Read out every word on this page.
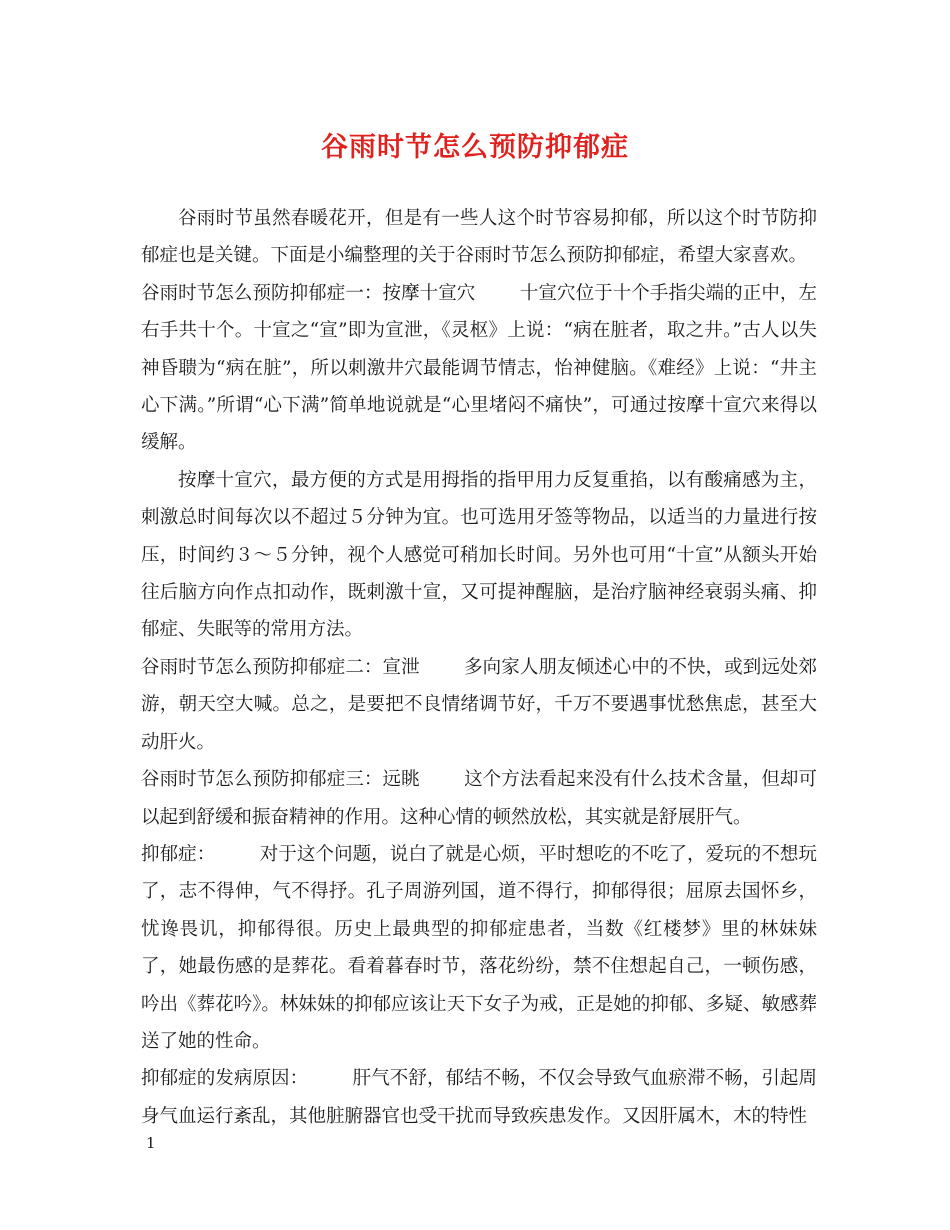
谷雨时节怎么预防抑郁症

谷雨时节虽然春暖花开，但是有一些人这个时节容易抑郁，所以这个时节防抑郁症也是关键。下面是小编整理的关于谷雨时节怎么预防抑郁症，希望大家喜欢。

谷雨时节怎么预防抑郁症一：按摩十宣穴 十宣穴位于十个手指尖端的正中，左右手共十个。十宣之“宣”即为宣泄，《灵枢》上说：“病在脏者，取之井。”古人以失神昏聩为“病在脏”，所以刺激井穴最能调节情志，怡神健脑。《难经》上说：“井主心下满。”所谓“心下满”简单地说就是“心里堵闷不痛快”，可通过按摩十宣穴来得以缓解。

按摩十宣穴，最方便的方式是用拇指的指甲用力反复重掐，以有酸痛感为主，刺激总时间每次以不超过５分钟为宜。也可选用牙签等物品，以适当的力量进行按压，时间约３～５分钟，视个人感觉可稍加长时间。另外也可用“十宣”从额头开始往后脑方向作点扣动作，既刺激十宣，又可提神醒脑，是治疗脑神经衰弱头痛、抑郁症、失眠等的常用方法。

谷雨时节怎么预防抑郁症二：宣泄 多向家人朋友倾述心中的不快，或到远处郊游，朝天空大喊。总之，是要把不良情绪调节好，千万不要遇事忧愁焦虑，甚至大动肝火。

谷雨时节怎么预防抑郁症三：远眺 这个方法看起来没有什么技术含量，但却可以起到舒缓和振奋精神的作用。这种心情的顿然放松，其实就是舒展肝气。

抑郁症： 对于这个问题，说白了就是心烦，平时想吃的不吃了，爱玩的不想玩了，志不得伸，气不得抒。孔子周游列国，道不得行，抑郁得很；屈原去国怀乡，忧谗畏讥，抑郁得很。历史上最典型的抑郁症患者，当数《红楼梦》里的林妹妹了，她最伤感的是葬花。看着暮春时节，落花纷纷，禁不住想起自己，一顿伤感，吟出《葬花吟》。林妹妹的抑郁应该让天下女子为戒，正是她的抑郁、多疑、敏感葬送了她的性命。

抑郁症的发病原因： 肝气不舒，郁结不畅，不仅会导致气血瘀滞不畅，引起周身气血运行紊乱，其他脏腑器官也受干扰而导致疾患发作。又因肝属木，木的特性

1
